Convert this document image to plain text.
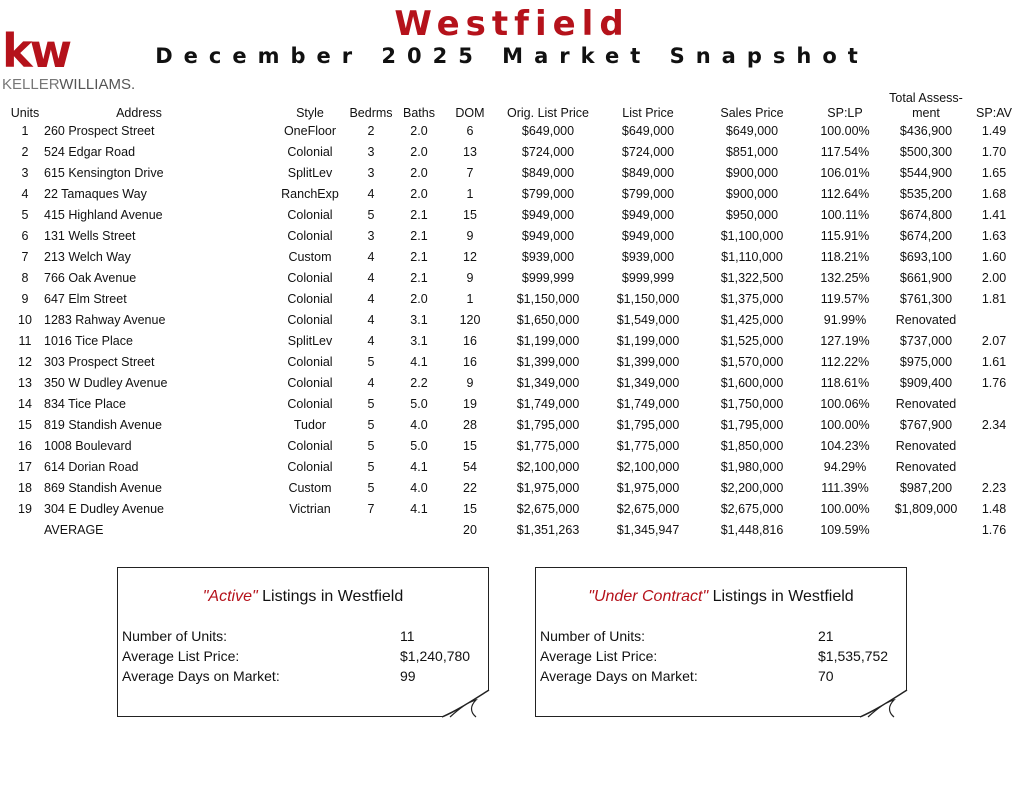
Westfield
December 2025 Market Snapshot
kw
KELLERWILLIAMS.
Units	Address	Style	Bedrms	Baths	DOM	Orig. List Price	List Price	Sales Price	SP:LP	Total Assess-ment	SP:AV
1	260 Prospect Street	OneFloor	2	2.0	6	$649,000	$649,000	$649,000	100.00%	$436,900	1.49
2	524 Edgar Road	Colonial	3	2.0	13	$724,000	$724,000	$851,000	117.54%	$500,300	1.70
3	615 Kensington Drive	SplitLev	3	2.0	7	$849,000	$849,000	$900,000	106.01%	$544,900	1.65
4	22 Tamaques Way	RanchExp	4	2.0	1	$799,000	$799,000	$900,000	112.64%	$535,200	1.68
5	415 Highland Avenue	Colonial	5	2.1	15	$949,000	$949,000	$950,000	100.11%	$674,800	1.41
6	131 Wells Street	Colonial	3	2.1	9	$949,000	$949,000	$1,100,000	115.91%	$674,200	1.63
7	213 Welch Way	Custom	4	2.1	12	$939,000	$939,000	$1,110,000	118.21%	$693,100	1.60
8	766 Oak Avenue	Colonial	4	2.1	9	$999,999	$999,999	$1,322,500	132.25%	$661,900	2.00
9	647 Elm Street	Colonial	4	2.0	1	$1,150,000	$1,150,000	$1,375,000	119.57%	$761,300	1.81
10	1283 Rahway Avenue	Colonial	4	3.1	120	$1,650,000	$1,549,000	$1,425,000	91.99%	Renovated	
11	1016 Tice Place	SplitLev	4	3.1	16	$1,199,000	$1,199,000	$1,525,000	127.19%	$737,000	2.07
12	303 Prospect Street	Colonial	5	4.1	16	$1,399,000	$1,399,000	$1,570,000	112.22%	$975,000	1.61
13	350 W Dudley Avenue	Colonial	4	2.2	9	$1,349,000	$1,349,000	$1,600,000	118.61%	$909,400	1.76
14	834 Tice Place	Colonial	5	5.0	19	$1,749,000	$1,749,000	$1,750,000	100.06%	Renovated	
15	819 Standish Avenue	Tudor	5	4.0	28	$1,795,000	$1,795,000	$1,795,000	100.00%	$767,900	2.34
16	1008 Boulevard	Colonial	5	5.0	15	$1,775,000	$1,775,000	$1,850,000	104.23%	Renovated	
17	614 Dorian Road	Colonial	5	4.1	54	$2,100,000	$2,100,000	$1,980,000	94.29%	Renovated	
18	869 Standish Avenue	Custom	5	4.0	22	$1,975,000	$1,975,000	$2,200,000	111.39%	$987,200	2.23
19	304 E Dudley Avenue	Victrian	7	4.1	15	$2,675,000	$2,675,000	$2,675,000	100.00%	$1,809,000	1.48
	AVERAGE				20	$1,351,263	$1,345,947	$1,448,816	109.59%		1.76
"Active" Listings in Westfield
Number of Units:	11
Average List Price:	$1,240,780
Average Days on Market:	99
"Under Contract" Listings in Westfield
Number of Units:	21
Average List Price:	$1,535,752
Average Days on Market:	70
